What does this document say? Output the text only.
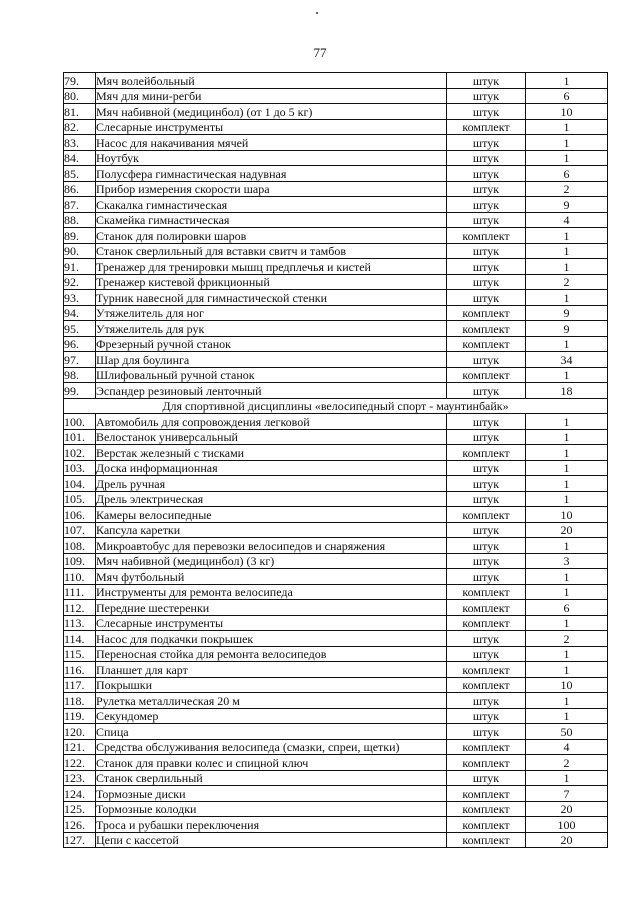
77
79.	Мяч волейбольный	штук	1
80.	Мяч для мини-регби	штук	6
81.	Мяч набивной (медицинбол) (от 1 до 5 кг)	штук	10
82.	Слесарные инструменты	комплект	1
83.	Насос для накачивания мячей	штук	1
84.	Ноутбук	штук	1
85.	Полусфера гимнастическая надувная	штук	6
86.	Прибор измерения скорости шара	штук	2
87.	Скакалка гимнастическая	штук	9
88.	Скамейка гимнастическая	штук	4
89.	Станок для полировки шаров	комплект	1
90.	Станок сверлильный для вставки свитч и тамбов	штук	1
91.	Тренажер для тренировки мышц предплечья и кистей	штук	1
92.	Тренажер кистевой фрикционный	штук	2
93.	Турник навесной для гимнастической стенки	штук	1
94.	Утяжелитель для ног	комплект	9
95.	Утяжелитель для рук	комплект	9
96.	Фрезерный ручной станок	комплект	1
97.	Шар для боулинга	штук	34
98.	Шлифовальный ручной станок	комплект	1
99.	Эспандер резиновый ленточный	штук	18
Для спортивной дисциплины «велосипедный спорт - маунтинбайк»			
100.	Автомобиль для сопровождения легковой	штук	1
101.	Велостанок универсальный	штук	1
102.	Верстак железный с тисками	комплект	1
103.	Доска информационная	штук	1
104.	Дрель ручная	штук	1
105.	Дрель электрическая	штук	1
106.	Камеры велосипедные	комплект	10
107.	Капсула каретки	штук	20
108.	Микроавтобус для перевозки велосипедов и снаряжения	штук	1
109.	Мяч набивной (медицинбол) (3 кг)	штук	3
110.	Мяч футбольный	штук	1
111.	Инструменты для ремонта велосипеда	комплект	1
112.	Передние шестеренки	комплект	6
113.	Слесарные инструменты	комплект	1
114.	Насос для подкачки покрышек	штук	2
115.	Переносная стойка для ремонта велосипедов	штук	1
116.	Планшет для карт	комплект	1
117.	Покрышки	комплект	10
118.	Рулетка металлическая 20 м	штук	1
119.	Секундомер	штук	1
120.	Спица	штук	50
121.	Средства обслуживания велосипеда (смазки, спреи, щетки)	комплект	4
122.	Станок для правки колес и спицной ключ	комплект	2
123.	Станок сверлильный	штук	1
124.	Тормозные диски	комплект	7
125.	Тормозные колодки	комплект	20
126.	Троса и рубашки переключения	комплект	100
127.	Цепи с кассетой	комплект	20
